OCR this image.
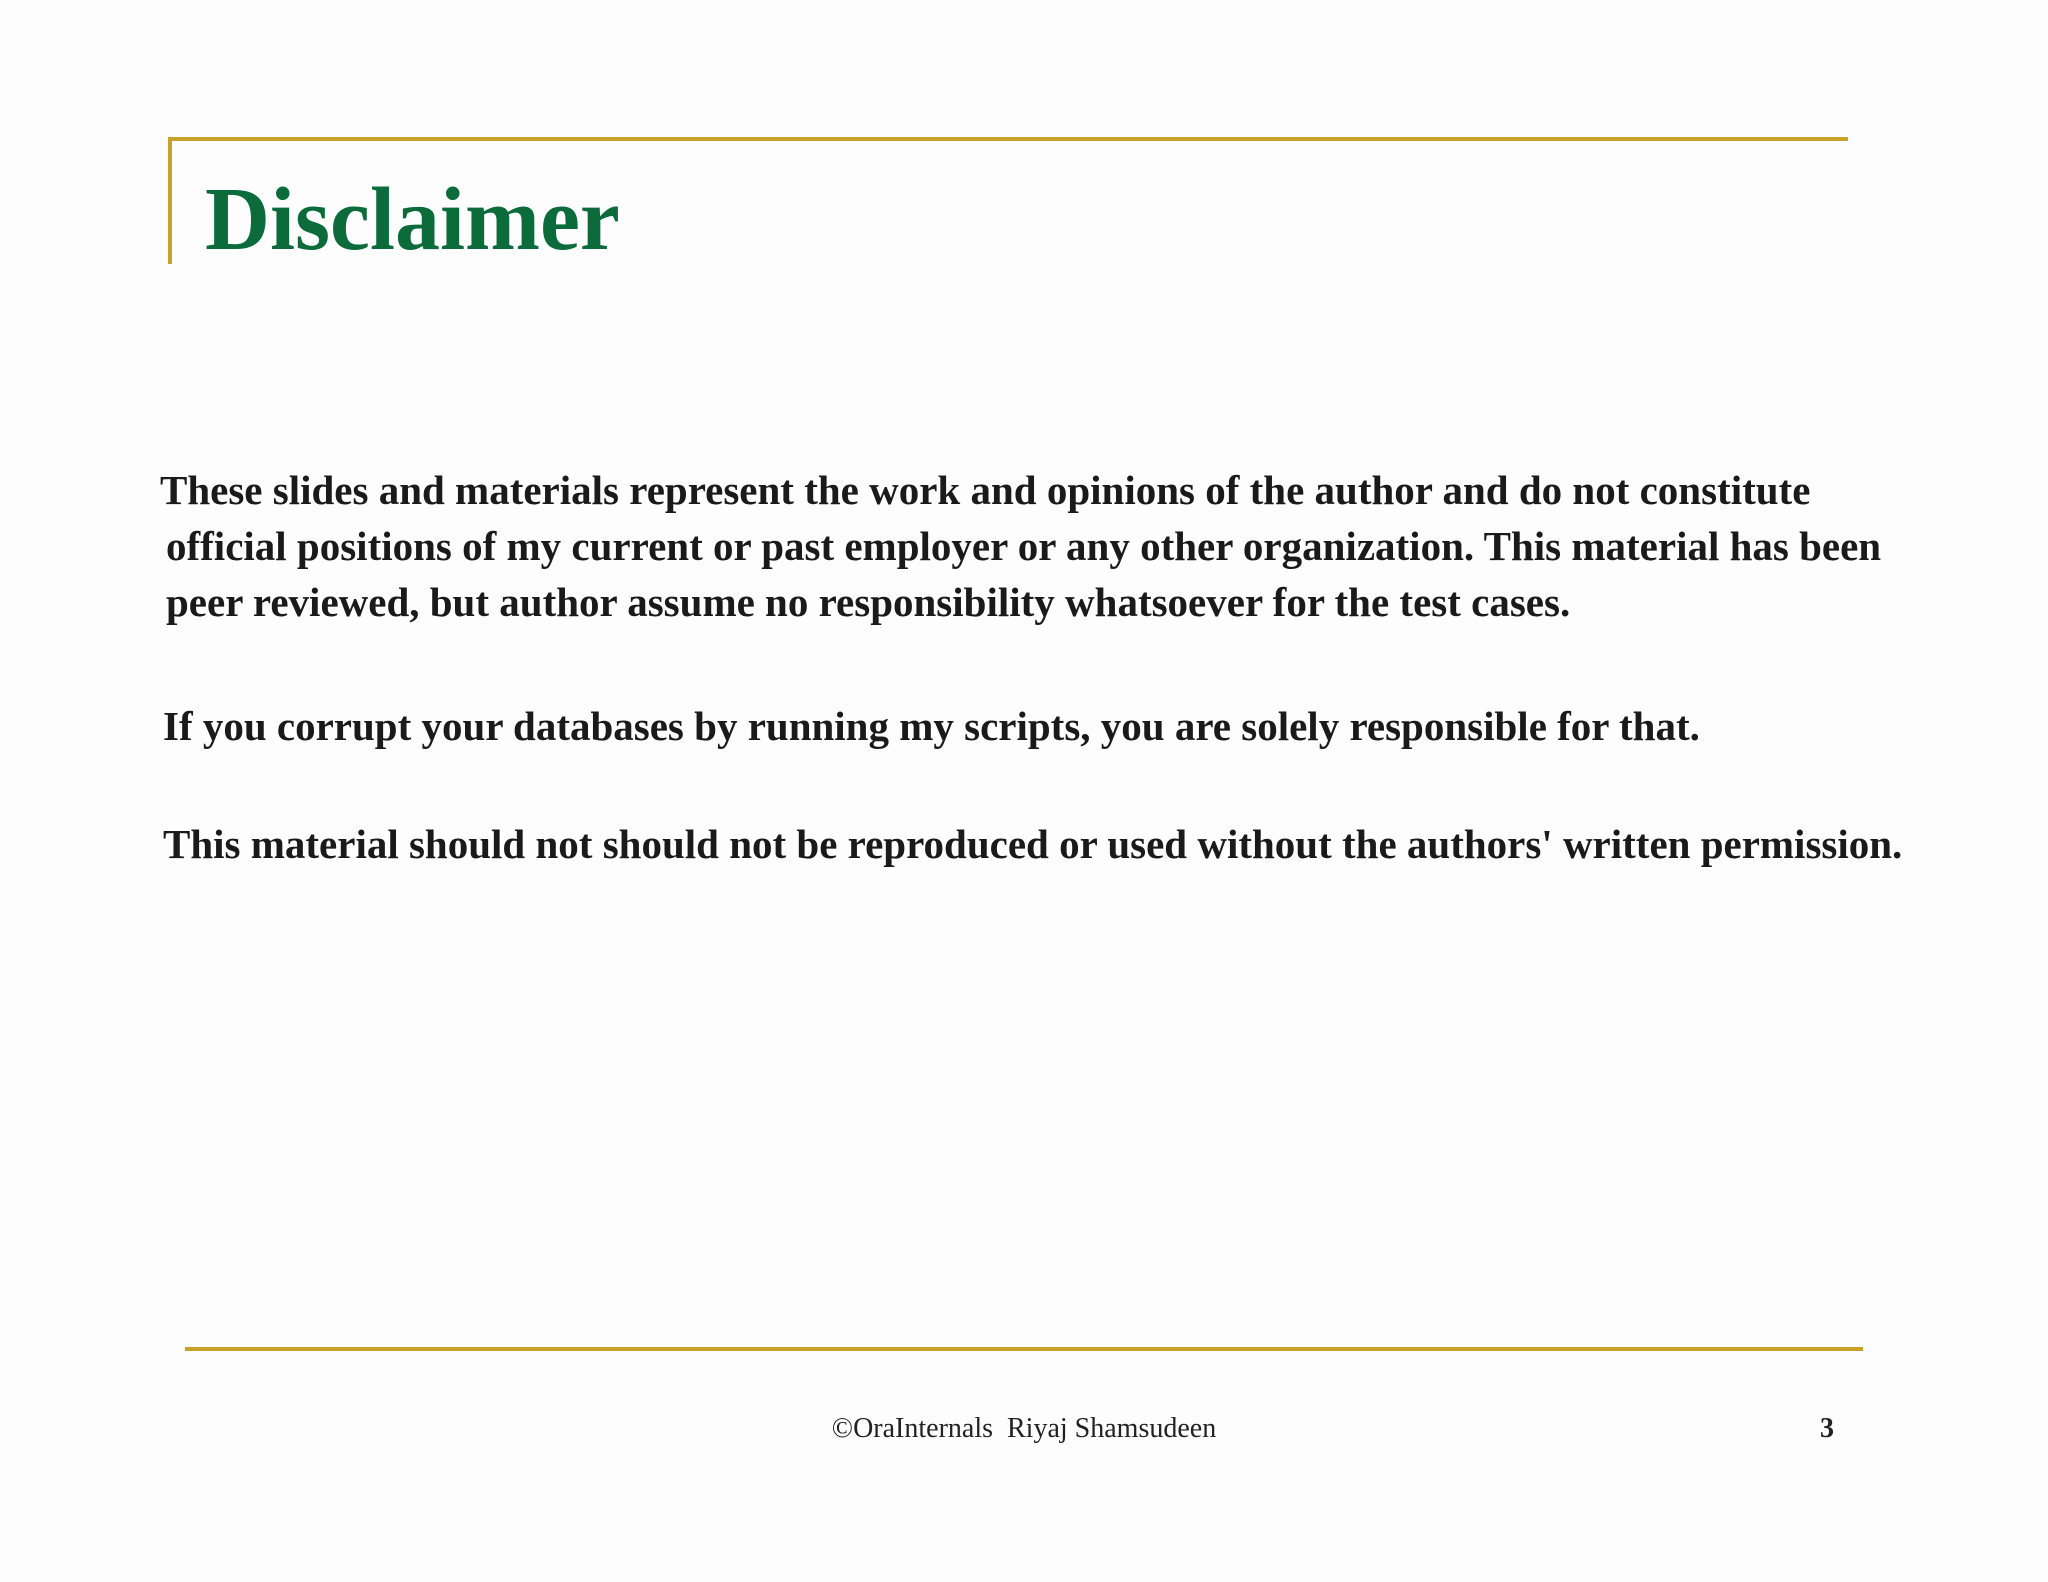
Disclaimer

These slides and materials represent the work and opinions of the author and do not constitute official positions of my current or past employer or any other organization. This material has been peer reviewed, but author assume no responsibility whatsoever for the test cases.

If you corrupt your databases by running my scripts, you are solely responsible for that.

This material should not should not be reproduced or used without the authors' written permission.

©OraInternals  Riyaj Shamsudeen	3
